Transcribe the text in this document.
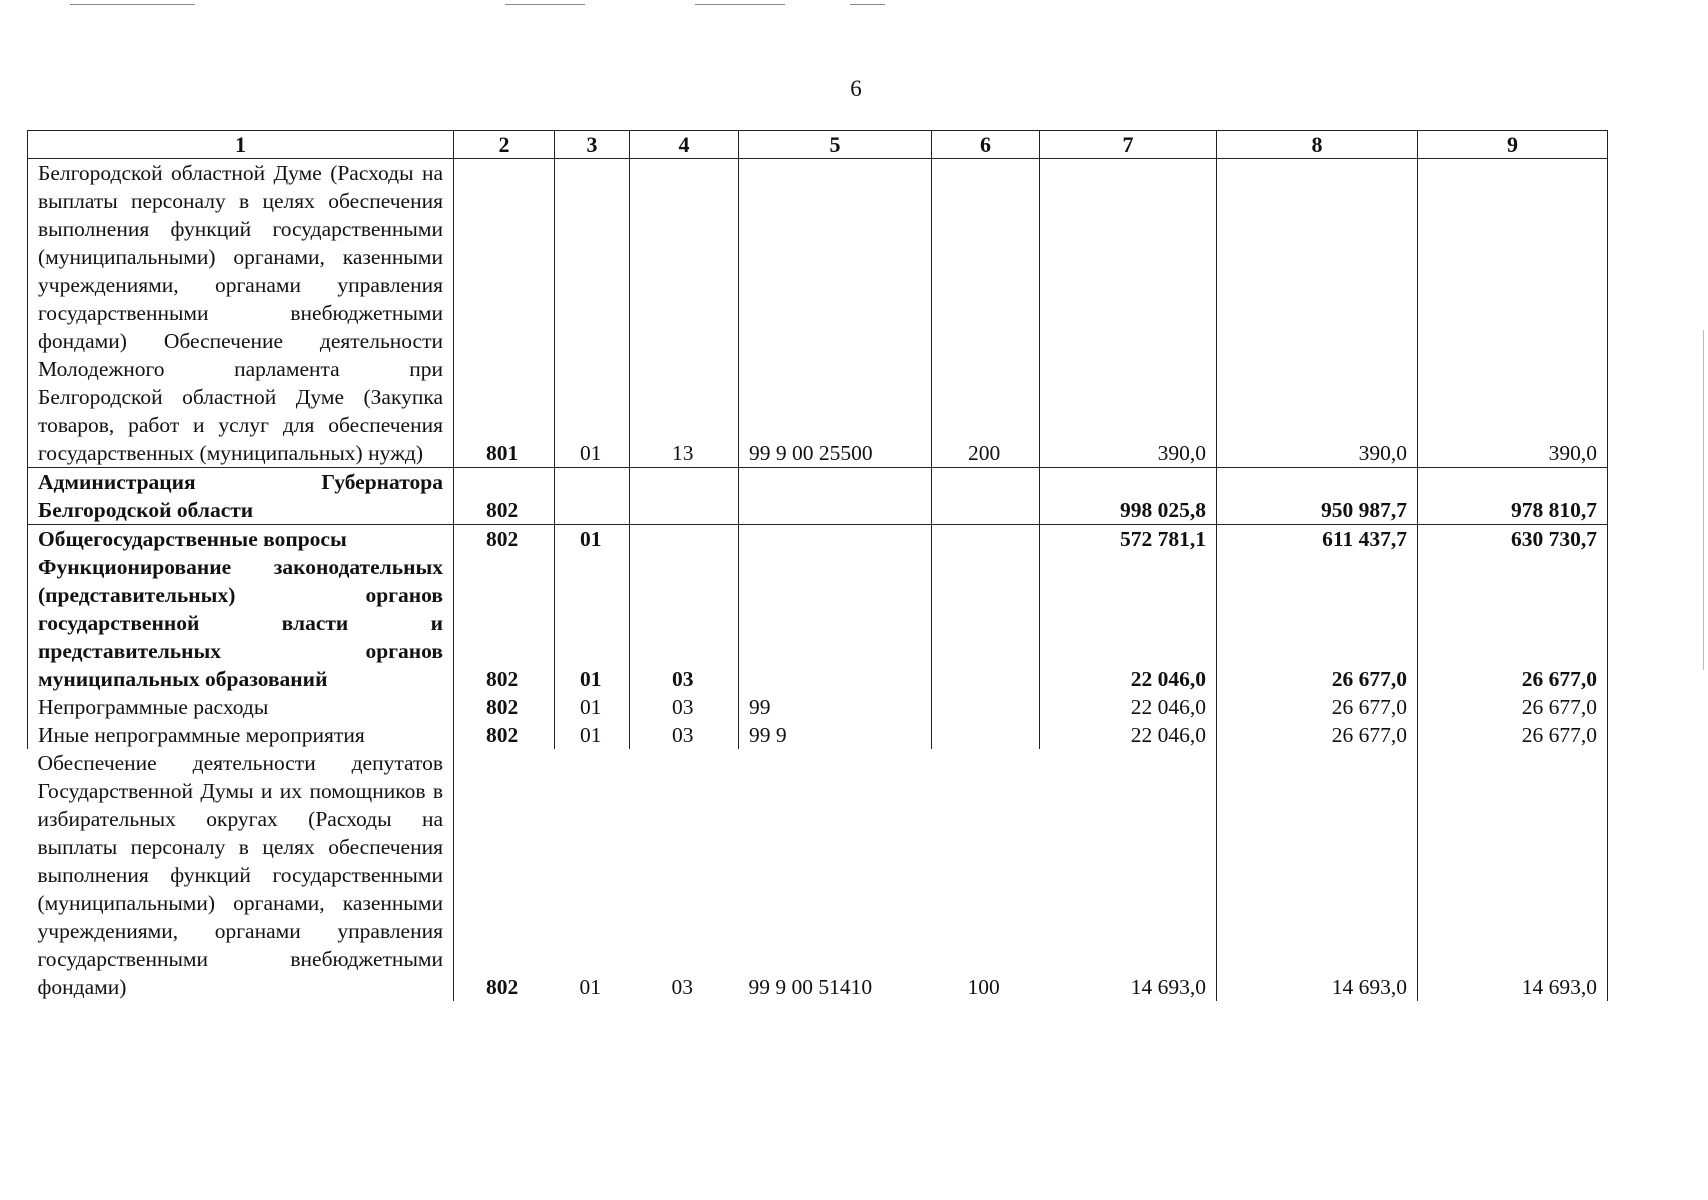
6
1	2	3	4	5	6	7	8	9
Белгородской областной Думе (Расходы на выплаты персоналу в целях обеспечения выполнения функций государственными (муниципальными) органами, казенными учреждениями, органами управления государственными внебюджетными фондами) Обеспечение деятельности Молодежного парламента при Белгородской областной Думе (Закупка товаров, работ и услуг для обеспечения государственных (муниципальных) нужд)	801	01	13	99 9 00 25500	200	390,0	390,0	390,0
Администрация Губернатора Белгородской области	802					998 025,8	950 987,7	978 810,7
Общегосударственные вопросы	802	01				572 781,1	611 437,7	630 730,7
Функционирование законодательных (представительных) органов государственной власти и представительных органов муниципальных образований	802	01	03			22 046,0	26 677,0	26 677,0
Непрограммные расходы	802	01	03	99		22 046,0	26 677,0	26 677,0
Иные непрограммные мероприятия	802	01	03	99 9		22 046,0	26 677,0	26 677,0
Обеспечение деятельности депутатов Государственной Думы и их помощников в избирательных округах (Расходы на выплаты персоналу в целях обеспечения выполнения функций государственными (муниципальными) органами, казенными учреждениями, органами управления государственными внебюджетными фондами)	802	01	03	99 9 00 51410	100	14 693,0	14 693,0	14 693,0
